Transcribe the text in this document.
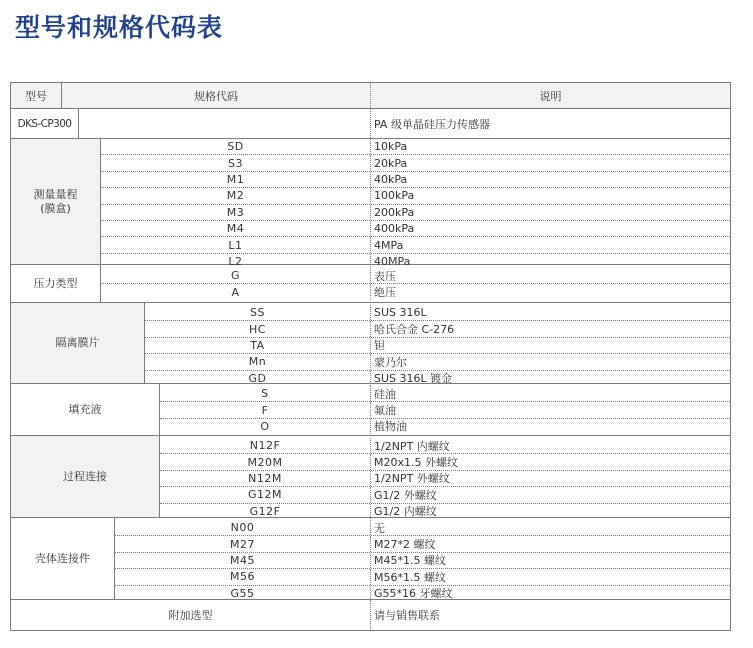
型号和规格代码表
型号	规格代码	说明
DKS-CP300	PA 级单晶硅压力传感器
测量量程
(膜盒)
SD	10kPa
S3	20kPa
M1	40kPa
M2	100kPa
M3	200kPa
M4	400kPa
L1	4MPa
L2	40MPa
压力类型
G	表压
A	绝压
隔离膜片
SS	SUS 316L
HC	哈氏合金 C-276
TA	钽
Mn	蒙乃尔
GD	SUS 316L 镀金
填充液
S	硅油
F	氟油
O	植物油
过程连接
N12F	1/2NPT 内螺纹
M20M	M20x1.5 外螺纹
N12M	1/2NPT 外螺纹
G12M	G1/2 外螺纹
G12F	G1/2 内螺纹
壳体连接件
N00	无
M27	M27*2 螺纹
M45	M45*1.5 螺纹
M56	M56*1.5 螺纹
G55	G55*16 牙螺纹
附加选型	请与销售联系
